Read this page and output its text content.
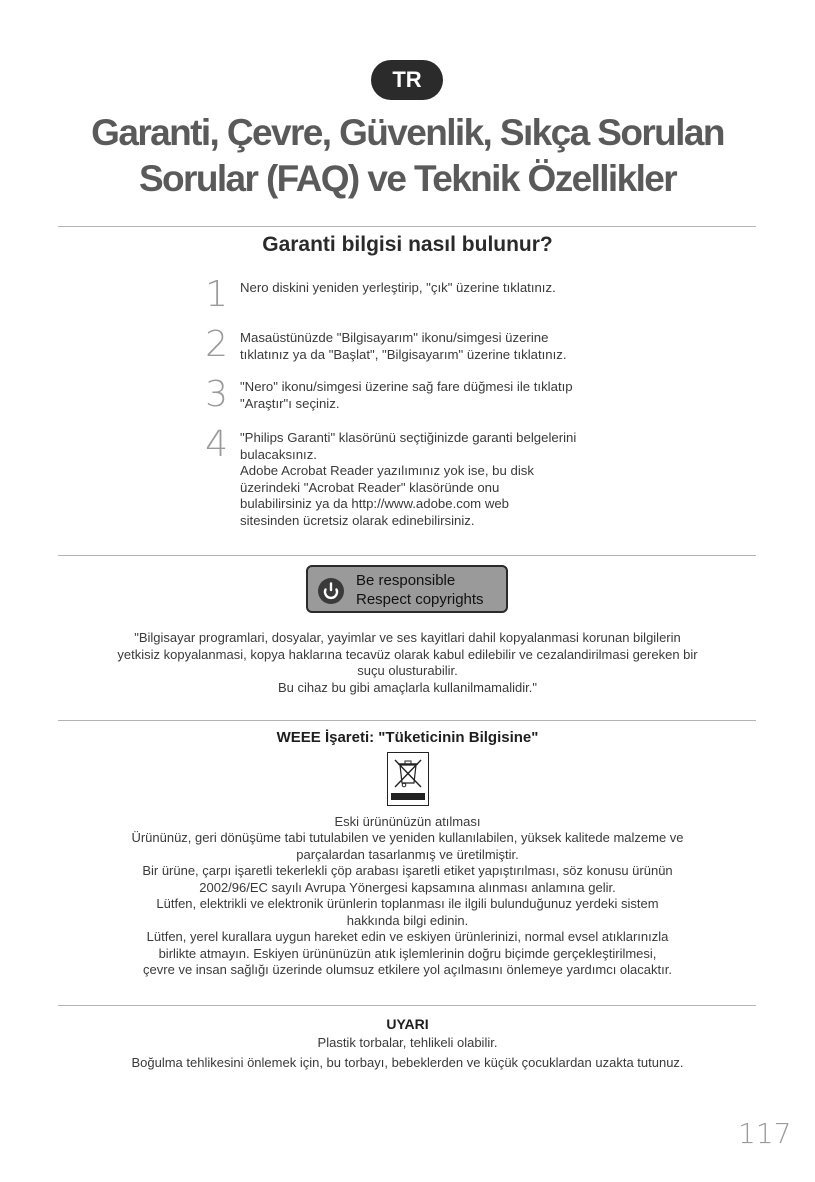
TR
Garanti, Çevre, Güvenlik, Sıkça Sorulan
Sorular (FAQ) ve Teknik Özellikler
Garanti bilgisi nasıl bulunur?
1 Nero diskini yeniden yerleştirip, "çık" üzerine tıklatınız.
2 Masaüstünüzde "Bilgisayarım" ikonu/simgesi üzerine
tıklatınız ya da "Başlat", "Bilgisayarım" üzerine tıklatınız.
3 "Nero" ikonu/simgesi üzerine sağ fare düğmesi ile tıklatıp
"Araştır"ı seçiniz.
4 "Philips Garanti" klasörünü seçtiğinizde garanti belgelerini
bulacaksınız.
Adobe Acrobat Reader yazılımınız yok ise, bu disk
üzerindeki "Acrobat Reader" klasöründe onu
bulabilirsiniz ya da http://www.adobe.com web
sitesinden ücretsiz olarak edinebilirsiniz.
Be responsible
Respect copyrights
"Bilgisayar programlari, dosyalar, yayimlar ve ses kayitlari dahil kopyalanmasi korunan bilgilerin
yetkisiz kopyalanmasi, kopya haklarına tecavüz olarak kabul edilebilir ve cezalandirilmasi gereken bir
suçu olusturabilir.
Bu cihaz bu gibi amaçlarla kullanilmamalidir."
WEEE İşareti: "Tüketicinin Bilgisine"
Eski ürününüzün atılması
Ürününüz, geri dönüşüme tabi tutulabilen ve yeniden kullanılabilen, yüksek kalitede malzeme ve
parçalardan tasarlanmış ve üretilmiştir.
Bir ürüne, çarpı işaretli tekerlekli çöp arabası işaretli etiket yapıştırılması, söz konusu ürünün
2002/96/EC sayılı Avrupa Yönergesi kapsamına alınması anlamına gelir.
Lütfen, elektrikli ve elektronik ürünlerin toplanması ile ilgili bulunduğunuz yerdeki sistem
hakkında bilgi edinin.
Lütfen, yerel kurallara uygun hareket edin ve eskiyen ürünlerinizi, normal evsel atıklarınızla
birlikte atmayın. Eskiyen ürününüzün atık işlemlerinin doğru biçimde gerçekleştirilmesi,
çevre ve insan sağlığı üzerinde olumsuz etkilere yol açılmasını önlemeye yardımcı olacaktır.
UYARI
Plastik torbalar, tehlikeli olabilir.
Boğulma tehlikesini önlemek için, bu torbayı, bebeklerden ve küçük çocuklardan uzakta tutunuz.
117
